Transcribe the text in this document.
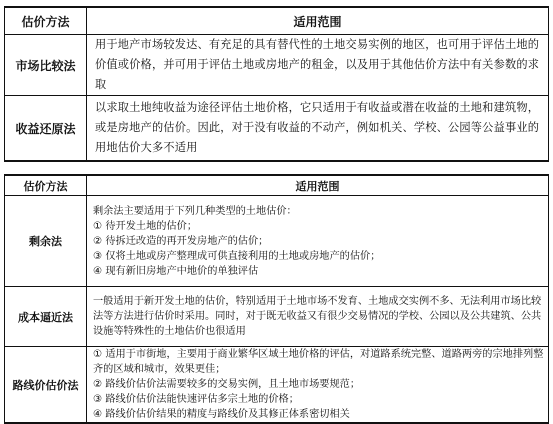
估价方法	适用范围
市场比较法	用于地产市场较发达、有充足的具有替代性的土地交易实例的地区，也可用于评估土地的价值或价格，并可用于评估土地或房地产的租金，以及用于其他估价方法中有关参数的求取
收益还原法	以求取土地纯收益为途径评估土地价格，它只适用于有收益或潜在收益的土地和建筑物，或是房地产的估价。因此，对于没有收益的不动产，例如机关、学校、公园等公益事业的用地估价大多不适用
估价方法	适用范围
剩余法	剩余法主要适用于下列几种类型的土地估价：
① 待开发土地的估价；
② 待拆迁改造的再开发房地产的估价；
③ 仅将土地或房产整理成可供直接利用的土地或房地产的估价；
④ 现有新旧房地产中地价的单独评估

成本逼近法	一般适用于新开发土地的估价，特别适用于土地市场不发育、土地成交实例不多、无法利用市场比较法等方法进行估价时采用。同时，对于既无收益又有很少交易情况的学校、公园以及公共建筑、公共设施等特殊性的土地估价也很适用

路线价估价法	① 适用于市街地，主要用于商业繁华区域土地价格的评估，对道路系统完整、道路两旁的宗地排列整齐的区域和城市，效果更佳；
② 路线价估价法需要较多的交易实例，且土地市场要规范；
③ 路线价估价法能快速评估多宗土地的价格；
④ 路线价估价结果的精度与路线价及其修正体系密切相关
